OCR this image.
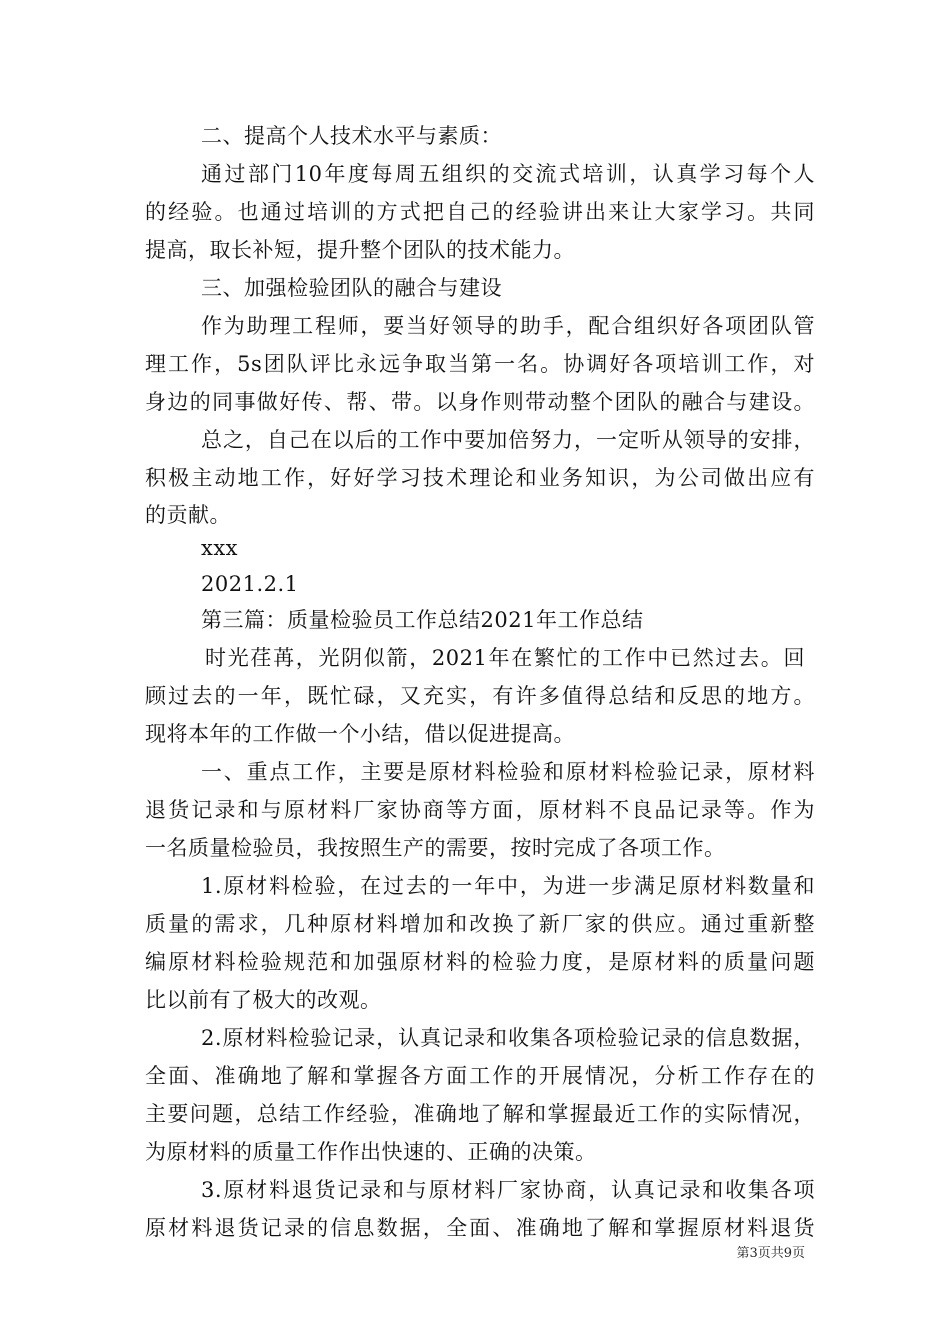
二、提高个人技术水平与素质：
通过部门10年度每周五组织的交流式培训，认真学习每个人
的经验。也通过培训的方式把自己的经验讲出来让大家学习。共同
提高，取长补短，提升整个团队的技术能力。
三、加强检验团队的融合与建设
作为助理工程师，要当好领导的助手，配合组织好各项团队管
理工作，5s团队评比永远争取当第一名。协调好各项培训工作，对
身边的同事做好传、帮、带。以身作则带动整个团队的融合与建设。
总之，自己在以后的工作中要加倍努力，一定听从领导的安排，
积极主动地工作，好好学习技术理论和业务知识，为公司做出应有
的贡献。
xxx
2021.2.1
第三篇：质量检验员工作总结2021年工作总结
时光荏苒，光阴似箭，2021年在繁忙的工作中已然过去。回
顾过去的一年，既忙碌，又充实，有许多值得总结和反思的地方。
现将本年的工作做一个小结，借以促进提高。
一、重点工作，主要是原材料检验和原材料检验记录，原材料
退货记录和与原材料厂家协商等方面，原材料不良品记录等。作为
一名质量检验员，我按照生产的需要，按时完成了各项工作。
1.原材料检验，在过去的一年中，为进一步满足原材料数量和
质量的需求，几种原材料增加和改换了新厂家的供应。通过重新整
编原材料检验规范和加强原材料的检验力度，是原材料的质量问题
比以前有了极大的改观。
2.原材料检验记录，认真记录和收集各项检验记录的信息数据，
全面、准确地了解和掌握各方面工作的开展情况，分析工作存在的
主要问题，总结工作经验，准确地了解和掌握最近工作的实际情况，
为原材料的质量工作作出快速的、正确的决策。
3.原材料退货记录和与原材料厂家协商，认真记录和收集各项
原材料退货记录的信息数据，全面、准确地了解和掌握原材料退货
第3页共9页
